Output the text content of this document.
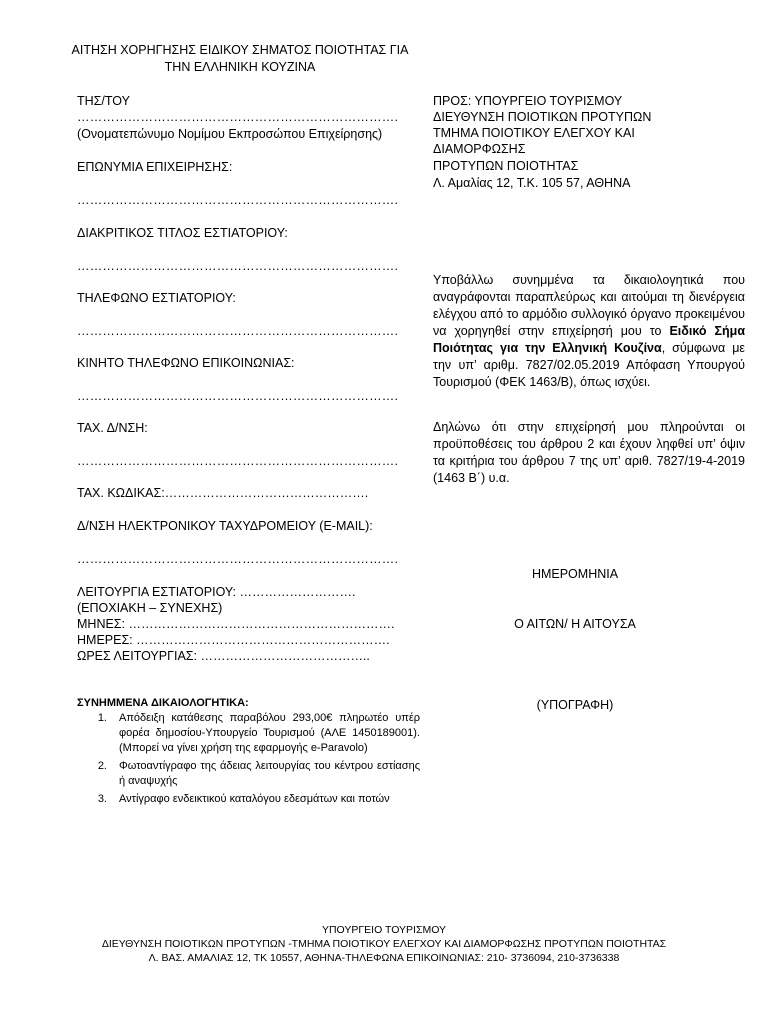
ΑΙΤΗΣΗ ΧΟΡΗΓΗΣΗΣ ΕΙΔΙΚΟΥ ΣΗΜΑΤΟΣ ΠΟΙΟΤΗΤΑΣ ΓΙΑ
ΤΗΝ ΕΛΛΗΝΙΚΗ ΚΟΥΖΙΝΑ
ΤΗΣ/ΤΟΥ
………………………………………………………………….
(Ονοματεπώνυμο Νομίμου Εκπροσώπου Επιχείρησης)
ΕΠΩΝΥΜΙΑ ΕΠΙΧΕΙΡΗΣΗΣ:
………………………………………………………………….
ΔΙΑΚΡΙΤΙΚΟΣ ΤΙΤΛΟΣ ΕΣΤΙΑΤΟΡΙΟΥ:
………………………………………………………………….
ΤΗΛΕΦΩΝΟ ΕΣΤΙΑΤΟΡΙΟΥ:
………………………………………………………………….
ΚΙΝΗΤΟ ΤΗΛΕΦΩΝΟ ΕΠΙΚΟΙΝΩΝΙΑΣ:
………………………………………………………………….
ΤΑΧ. Δ/ΝΣΗ:
………………………………………………………………….
ΤΑΧ. ΚΩΔΙΚΑΣ:………………………………………….
Δ/ΝΣΗ ΗΛΕΚΤΡΟΝΙΚΟΥ ΤΑΧΥΔΡΟΜΕΙΟΥ (E-MAIL):
………………………………………………………………….
ΛΕΙΤΟΥΡΓΙΑ ΕΣΤΙΑΤΟΡΙΟΥ: ……………………….
(ΕΠΟΧΙΑΚΗ – ΣΥΝΕΧΗΣ)
ΜΗΝΕΣ: ……………………………………………………….
ΗΜΕΡΕΣ: …………………………………………………….
ΩΡΕΣ ΛΕΙΤΟΥΡΓΙΑΣ: …………………………………..
ΠΡΟΣ: ΥΠΟΥΡΓΕΙΟ ΤΟΥΡΙΣΜΟΥ
ΔΙΕΥΘΥΝΣΗ ΠΟΙΟΤΙΚΩΝ ΠΡΟΤΥΠΩΝ
ΤΜΗΜΑ ΠΟΙΟΤΙΚΟΥ ΕΛΕΓΧΟΥ ΚΑΙ
ΔΙΑΜΟΡΦΩΣΗΣ
ΠΡΟΤΥΠΩΝ ΠΟΙΟΤΗΤΑΣ
Λ. Αμαλίας 12, Τ.Κ. 105 57, ΑΘΗΝΑ
Υποβάλλω συνημμένα τα δικαιολογητικά που αναγράφονται παραπλεύρως και αιτούμαι τη διενέργεια ελέγχου από το αρμόδιο συλλογικό όργανο προκειμένου να χορηγηθεί στην επιχείρησή μου το Ειδικό Σήμα Ποιότητας για την Ελληνική Κουζίνα, σύμφωνα με την υπ’ αριθμ. 7827/02.05.2019 Απόφαση Υπουργού Τουρισμού (ΦΕΚ 1463/Β), όπως ισχύει.
Δηλώνω ότι στην επιχείρησή μου πληρούνται οι προϋποθέσεις του άρθρου 2 και έχουν ληφθεί υπ’ όψιν τα κριτήρια του άρθρου 7 της υπ’ αριθ. 7827/19-4-2019 (1463 Β΄) υ.α.
ΗΜΕΡΟΜΗΝΙΑ
Ο ΑΙΤΩΝ/ Η ΑΙΤΟΥΣΑ
(ΥΠΟΓΡΑΦΗ)
ΣΥΝΗΜΜΕΝΑ ΔΙΚΑΙΟΛΟΓΗΤΙΚΑ:
1.	Απόδειξη κατάθεσης παραβόλου 293,00€ πληρωτέο υπέρ φορέα δημοσίου-Υπουργείο Τουρισμού (ΑΛΕ 1450189001). (Μπορεί να γίνει χρήση της εφαρμογής e-Paravolo)
2.	Φωτοαντίγραφο της άδειας λειτουργίας του κέντρου εστίασης ή αναψυχής
3.	Αντίγραφο ενδεικτικού καταλόγου εδεσμάτων και ποτών
ΥΠΟΥΡΓΕΙΟ ΤΟΥΡΙΣΜΟΥ
ΔΙΕΥΘΥΝΣΗ ΠΟΙΟΤΙΚΩΝ ΠΡΟΤΥΠΩΝ -ΤΜΗΜΑ ΠΟΙΟΤΙΚΟΥ ΕΛΕΓΧΟΥ ΚΑΙ ΔΙΑΜΟΡΦΩΣΗΣ ΠΡΟΤΥΠΩΝ ΠΟΙΟΤΗΤΑΣ
Λ. ΒΑΣ. ΑΜΑΛΙΑΣ 12, ΤΚ 10557, ΑΘΗΝΑ-ΤΗΛΕΦΩΝΑ ΕΠΙΚΟΙΝΩΝΙΑΣ: 210- 3736094, 210-3736338
